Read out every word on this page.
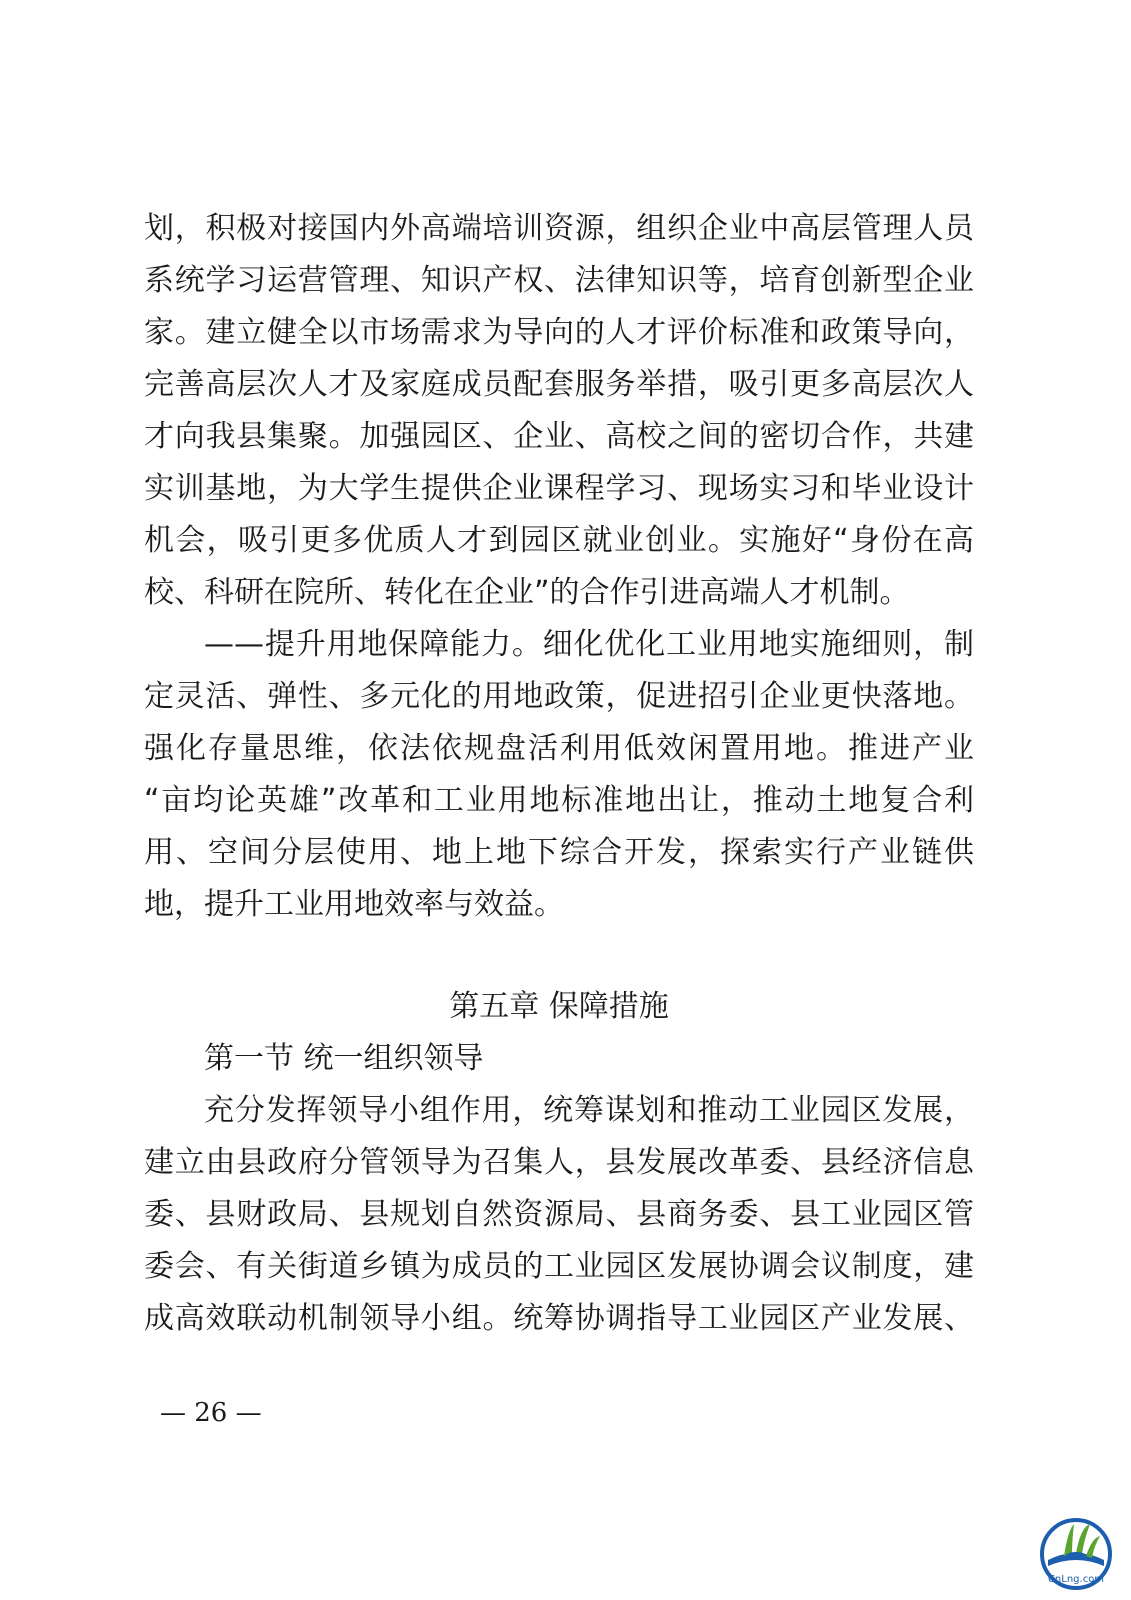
划，积极对接国内外高端培训资源，组织企业中高层管理人员
系统学习运营管理、知识产权、法律知识等，培育创新型企业
家。建立健全以市场需求为导向的人才评价标准和政策导向，
完善高层次人才及家庭成员配套服务举措，吸引更多高层次人
才向我县集聚。加强园区、企业、高校之间的密切合作，共建
实训基地，为大学生提供企业课程学习、现场实习和毕业设计
机会，吸引更多优质人才到园区就业创业。实施好“身份在高
校、科研在院所、转化在企业”的合作引进高端人才机制。
——提升用地保障能力。细化优化工业用地实施细则，制
定灵活、弹性、多元化的用地政策，促进招引企业更快落地。
强化存量思维，依法依规盘活利用低效闲置用地。推进产业
“亩均论英雄”改革和工业用地标准地出让，推动土地复合利
用、空间分层使用、地上地下综合开发，探索实行产业链供
地，提升工业用地效率与效益。
第五章 保障措施
第一节 统一组织领导
充分发挥领导小组作用，统筹谋划和推动工业园区发展，
建立由县政府分管领导为召集人，县发展改革委、县经济信息
委、县财政局、县规划自然资源局、县商务委、县工业园区管
委会、有关街道乡镇为成员的工业园区发展协调会议制度，建
成高效联动机制领导小组。统筹协调指导工业园区产业发展、
— 26 —
CnLng.com
